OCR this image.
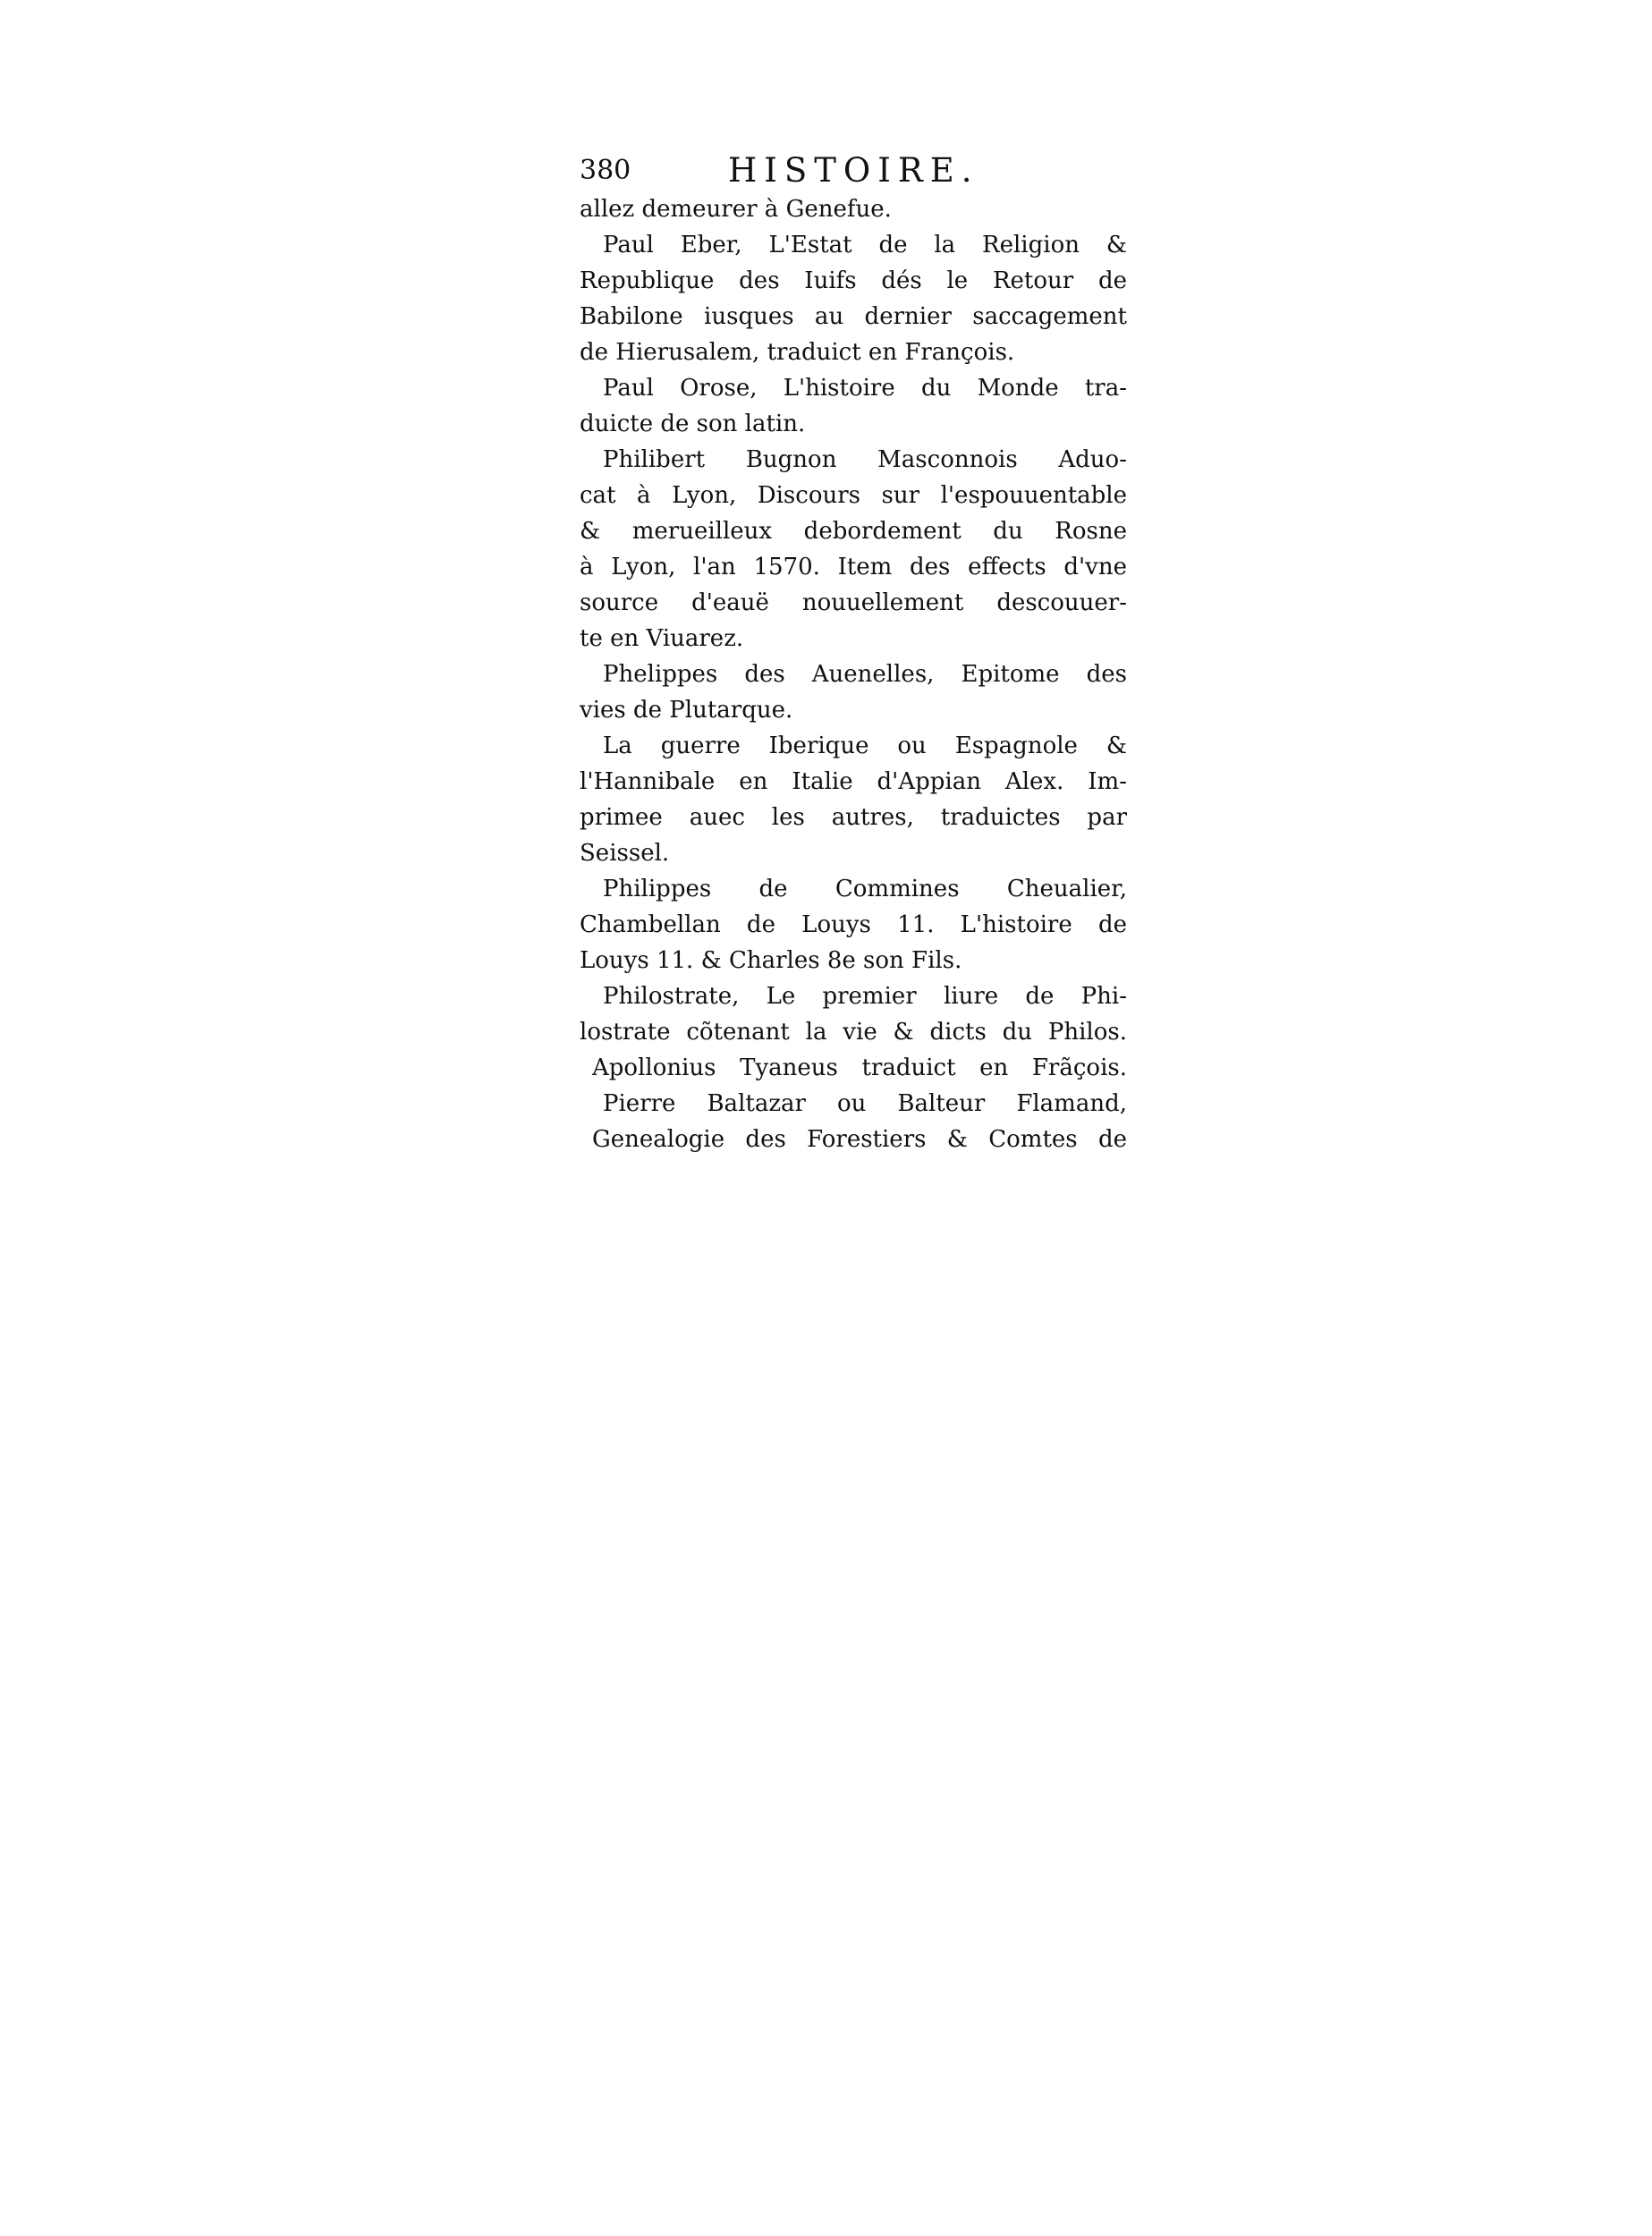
380	HISTOIRE.
allez demeurer à Genefue.
Paul Eber, L'Estat de la Religion &
Republique des Iuifs dés le Retour de
Babilone iusques au dernier saccagement
de Hierusalem, traduict en François.
Paul Orose, L'histoire du Monde tra-
duicte de son latin.
Philibert Bugnon Masconnois Aduo-
cat à Lyon, Discours sur l'espouuentable
& merueilleux debordement du Rosne
à Lyon, l'an 1570. Item des effects d'vne
source d'eauë nouuellement descouuer-
te en Viuarez.
Phelippes des Auenelles, Epitome des
vies de Plutarque.
La guerre Iberique ou Espagnole &
l'Hannibale en Italie d'Appian Alex. Im-
primee auec les autres, traduictes par
Seissel.
Philippes de Commines Cheualier,
Chambellan de Louys 11. L'histoire de
Louys 11. & Charles 8e son Fils.
Philostrate, Le premier liure de Phi-
lostrate cõtenant la vie & dicts du Philos.
Apollonius Tyaneus traduict en Frãçois.
Pierre Baltazar ou Balteur Flamand,
Genealogie des Forestiers & Comtes de
